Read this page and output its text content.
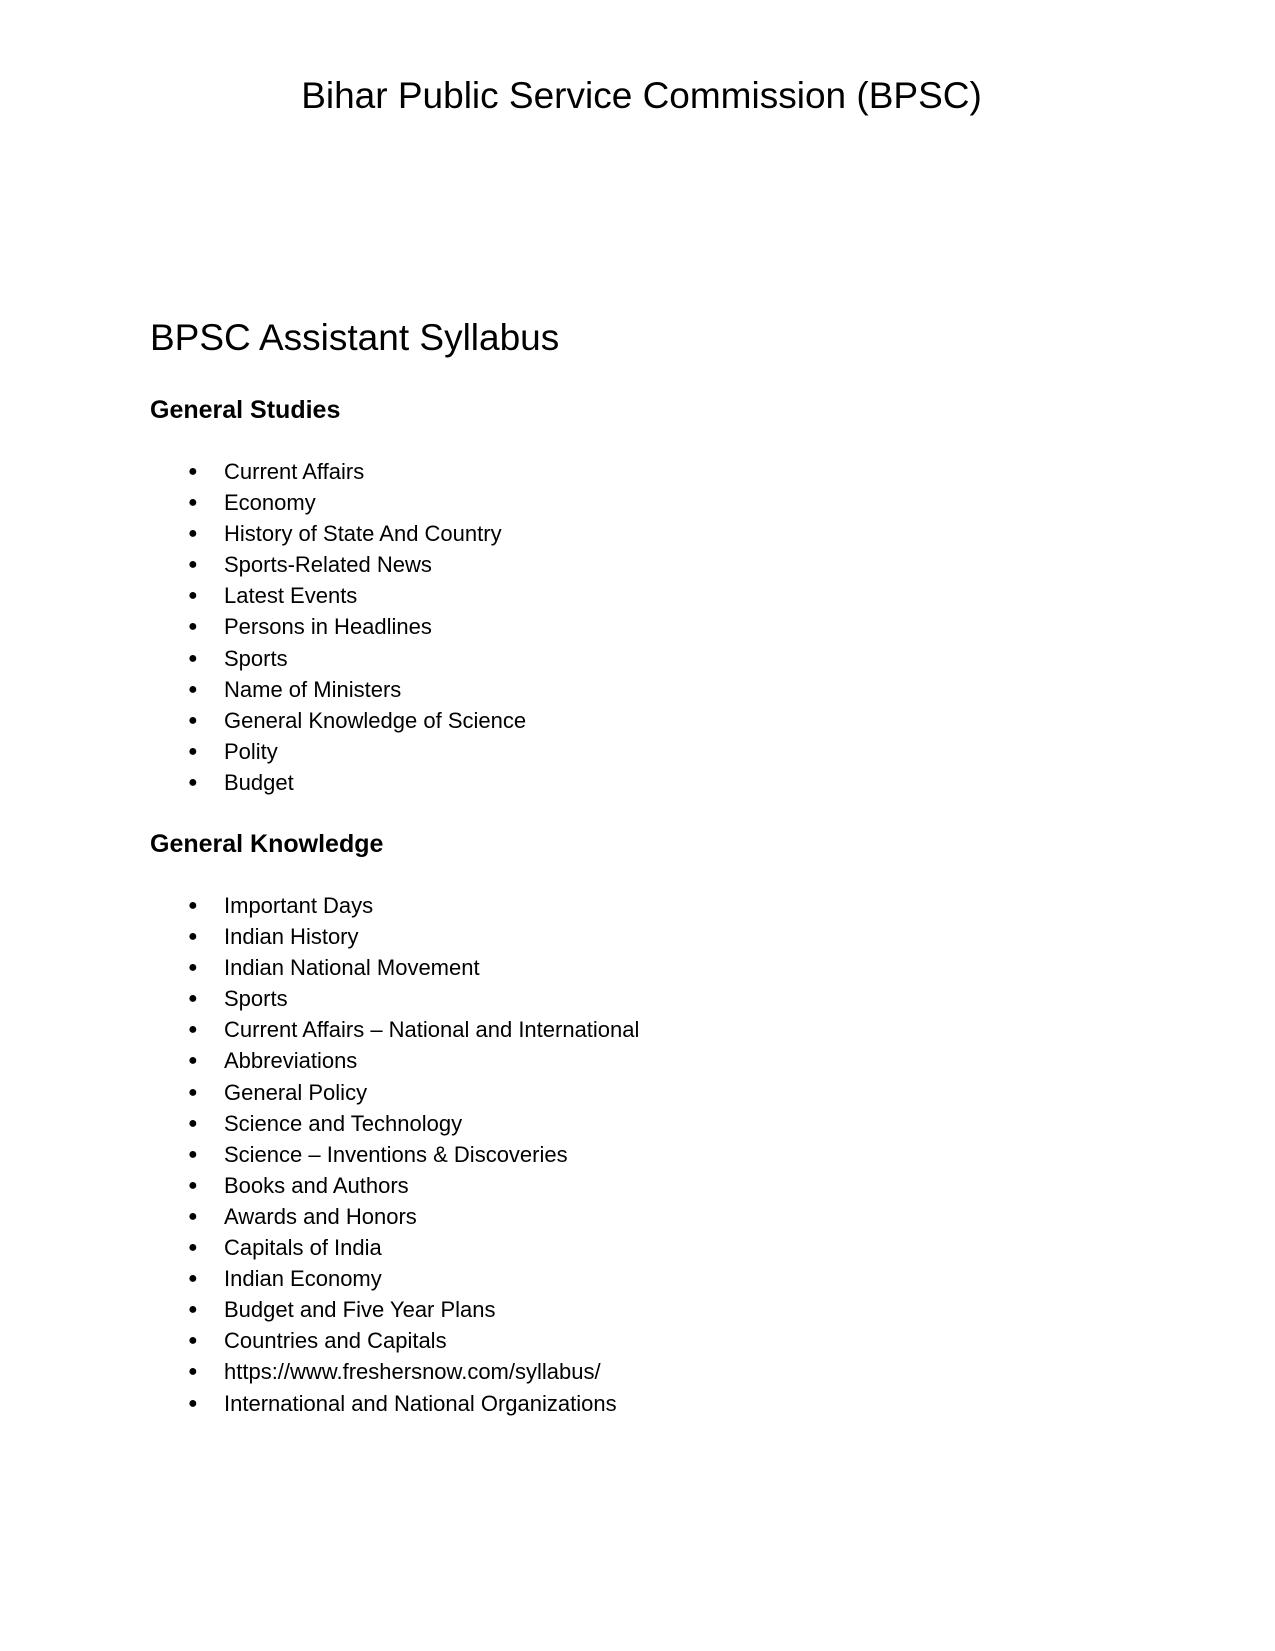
Bihar Public Service Commission (BPSC)
BPSC Assistant Syllabus
General Studies
● Current Affairs
● Economy
● History of State And Country
● Sports-Related News
● Latest Events
● Persons in Headlines
● Sports
● Name of Ministers
● General Knowledge of Science
● Polity
● Budget
General Knowledge
● Important Days
● Indian History
● Indian National Movement
● Sports
● Current Affairs – National and International
● Abbreviations
● General Policy
● Science and Technology
● Science – Inventions & Discoveries
● Books and Authors
● Awards and Honors
● Capitals of India
● Indian Economy
● Budget and Five Year Plans
● Countries and Capitals
● https://www.freshersnow.com/syllabus/
● International and National Organizations
